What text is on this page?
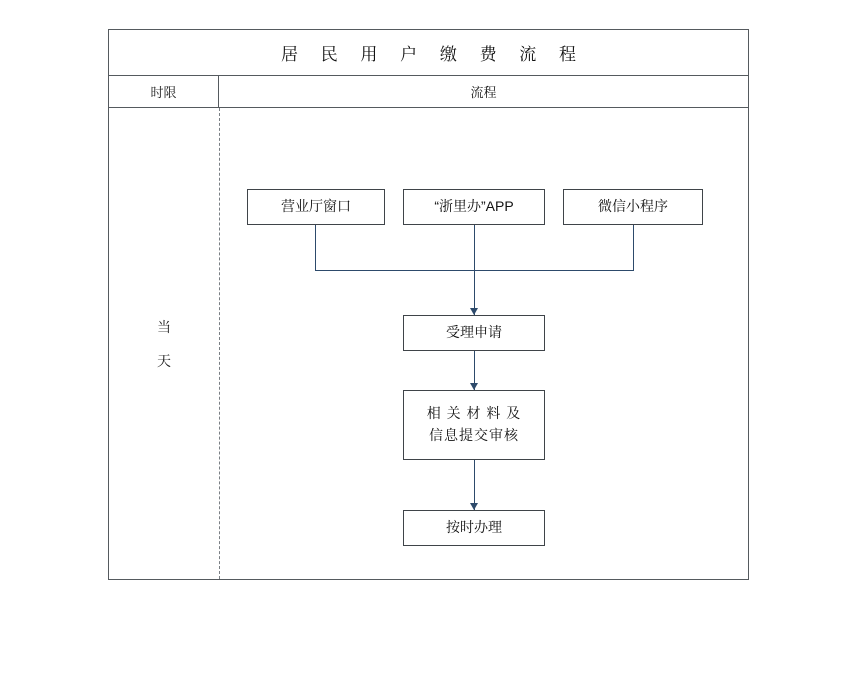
居 民 用 户 缴 费 流 程
时限	流程
当
天
营业厅窗口	“浙里办”APP	微信小程序
受理申请
相 关 材 料 及
信息提交审核
按时办理
